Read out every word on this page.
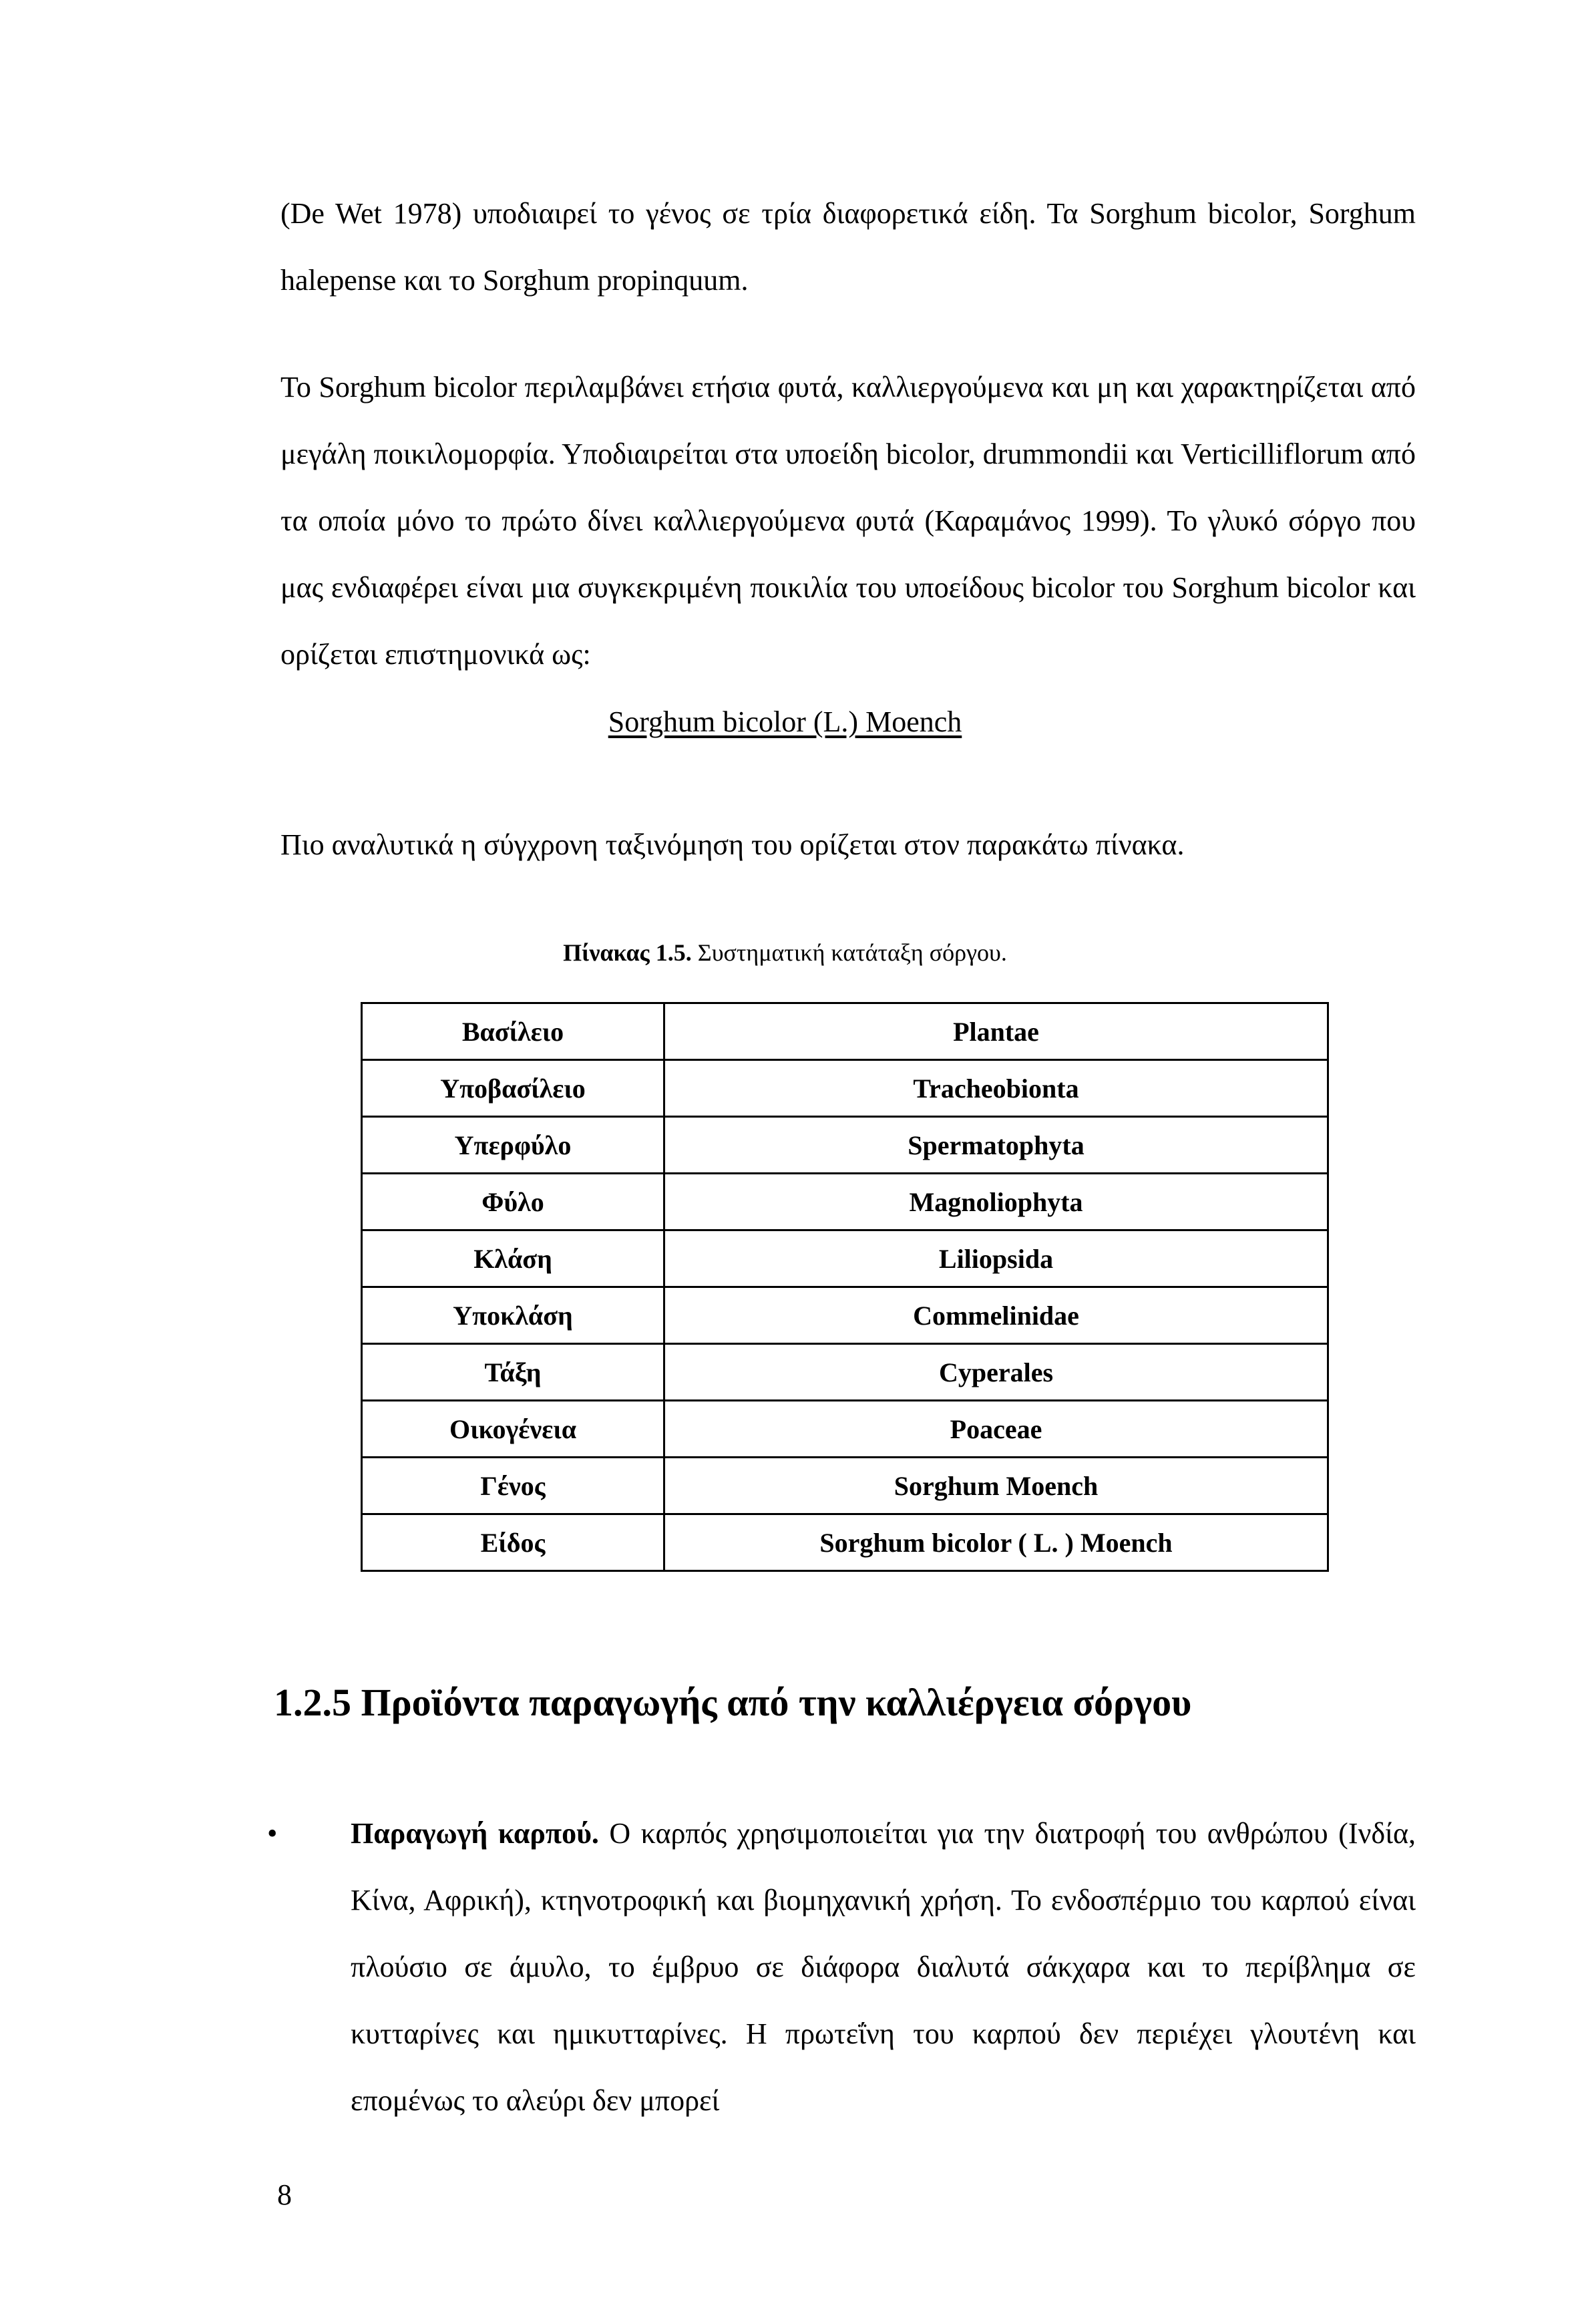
(De Wet 1978) υποδιαιρεί το γένος σε τρία διαφορετικά είδη. Τα Sorghum bicolor, Sorghum halepense και το Sorghum propinquum.

Το Sorghum bicolor περιλαμβάνει ετήσια φυτά, καλλιεργούμενα και μη και χαρακτηρίζεται από μεγάλη ποικιλομορφία. Υποδιαιρείται στα υποείδη bicolor, drummondii και Verticilliflorum από τα οποία μόνο το πρώτο δίνει καλλιεργούμενα φυτά (Καραμάνος 1999). Το γλυκό σόργο που μας ενδιαφέρει είναι μια συγκεκριμένη ποικιλία του υποείδους bicolor του Sorghum bicolor και ορίζεται επιστημονικά ως:

Sorghum bicolor (L.) Moench

Πιο αναλυτικά η σύγχρονη ταξινόμηση του ορίζεται στον παρακάτω πίνακα.

Πίνακας 1.5. Συστηματική κατάταξη σόργου.
Βασίλειο	Plantae
Υποβασίλειο	Tracheobionta
Υπερφύλο	Spermatophyta
Φύλο	Magnoliophyta
Κλάση	Liliopsida
Υποκλάση	Commelinidae
Τάξη	Cyperales
Οικογένεια	Poaceae
Γένος	Sorghum Moench
Είδος	Sorghum bicolor ( L. ) Moench
1.2.5 Προϊόντα παραγωγής από την καλλιέργεια σόργου
• Παραγωγή καρπού. Ο καρπός χρησιμοποιείται για την διατροφή του ανθρώπου (Ινδία, Κίνα, Αφρική), κτηνοτροφική και βιομηχανική χρήση. Το ενδοσπέρμιο του καρπού είναι πλούσιο σε άμυλο, το έμβρυο σε διάφορα διαλυτά σάκχαρα και το περίβλημα σε κυτταρίνες και ημικυτταρίνες. Η πρωτεΐνη του καρπού δεν περιέχει γλουτένη και επομένως το αλεύρι δεν μπορεί

8
